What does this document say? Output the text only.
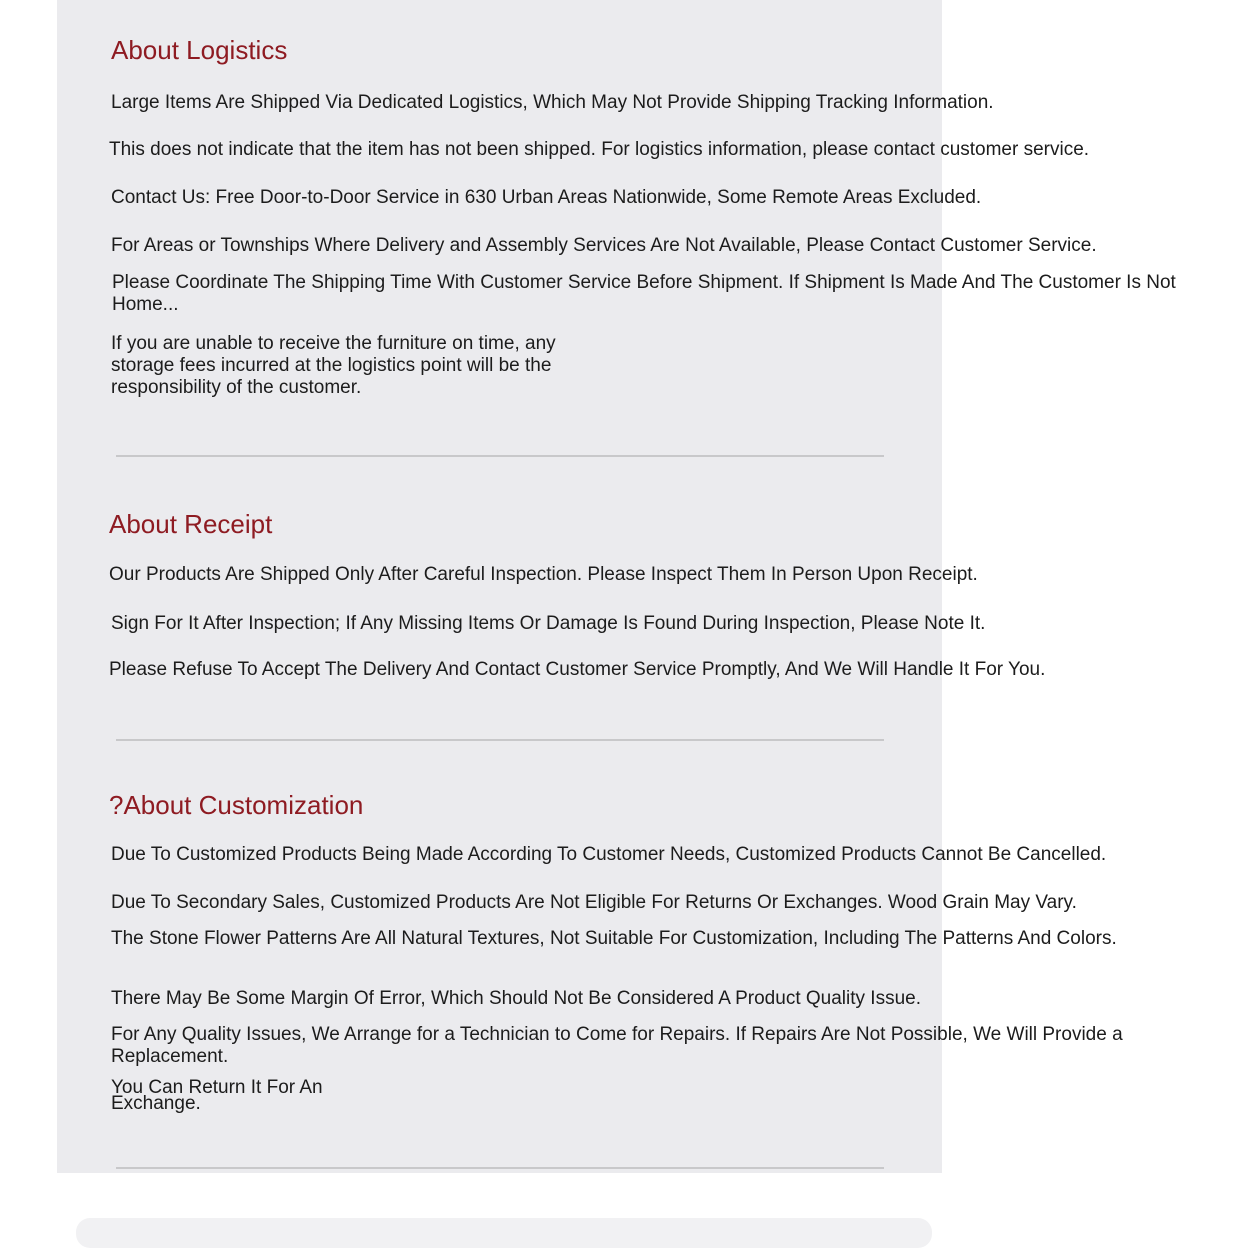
About Logistics

Large Items Are Shipped Via Dedicated Logistics, Which May Not Provide Shipping Tracking Information.

This does not indicate that the item has not been shipped. For logistics information, please contact customer service.

Contact Us: Free Door-to-Door Service in 630 Urban Areas Nationwide, Some Remote Areas Excluded.

For Areas or Townships Where Delivery and Assembly Services Are Not Available, Please Contact Customer Service.

Please Coordinate The Shipping Time With Customer Service Before Shipment. If Shipment Is Made And The Customer Is Not Home...

If you are unable to receive the furniture on time, any storage fees incurred at the logistics point will be the responsibility of the customer.

About Receipt

Our Products Are Shipped Only After Careful Inspection. Please Inspect Them In Person Upon Receipt.

Sign For It After Inspection; If Any Missing Items Or Damage Is Found During Inspection, Please Note It.

Please Refuse To Accept The Delivery And Contact Customer Service Promptly, And We Will Handle It For You.

?About Customization

Due To Customized Products Being Made According To Customer Needs, Customized Products Cannot Be Cancelled.

Due To Secondary Sales, Customized Products Are Not Eligible For Returns Or Exchanges. Wood Grain May Vary.

The Stone Flower Patterns Are All Natural Textures, Not Suitable For Customization, Including The Patterns And Colors.

There May Be Some Margin Of Error, Which Should Not Be Considered A Product Quality Issue.

For Any Quality Issues, We Arrange for a Technician to Come for Repairs. If Repairs Are Not Possible, We Will Provide a Replacement.

You Can Return It For An

Exchange.
